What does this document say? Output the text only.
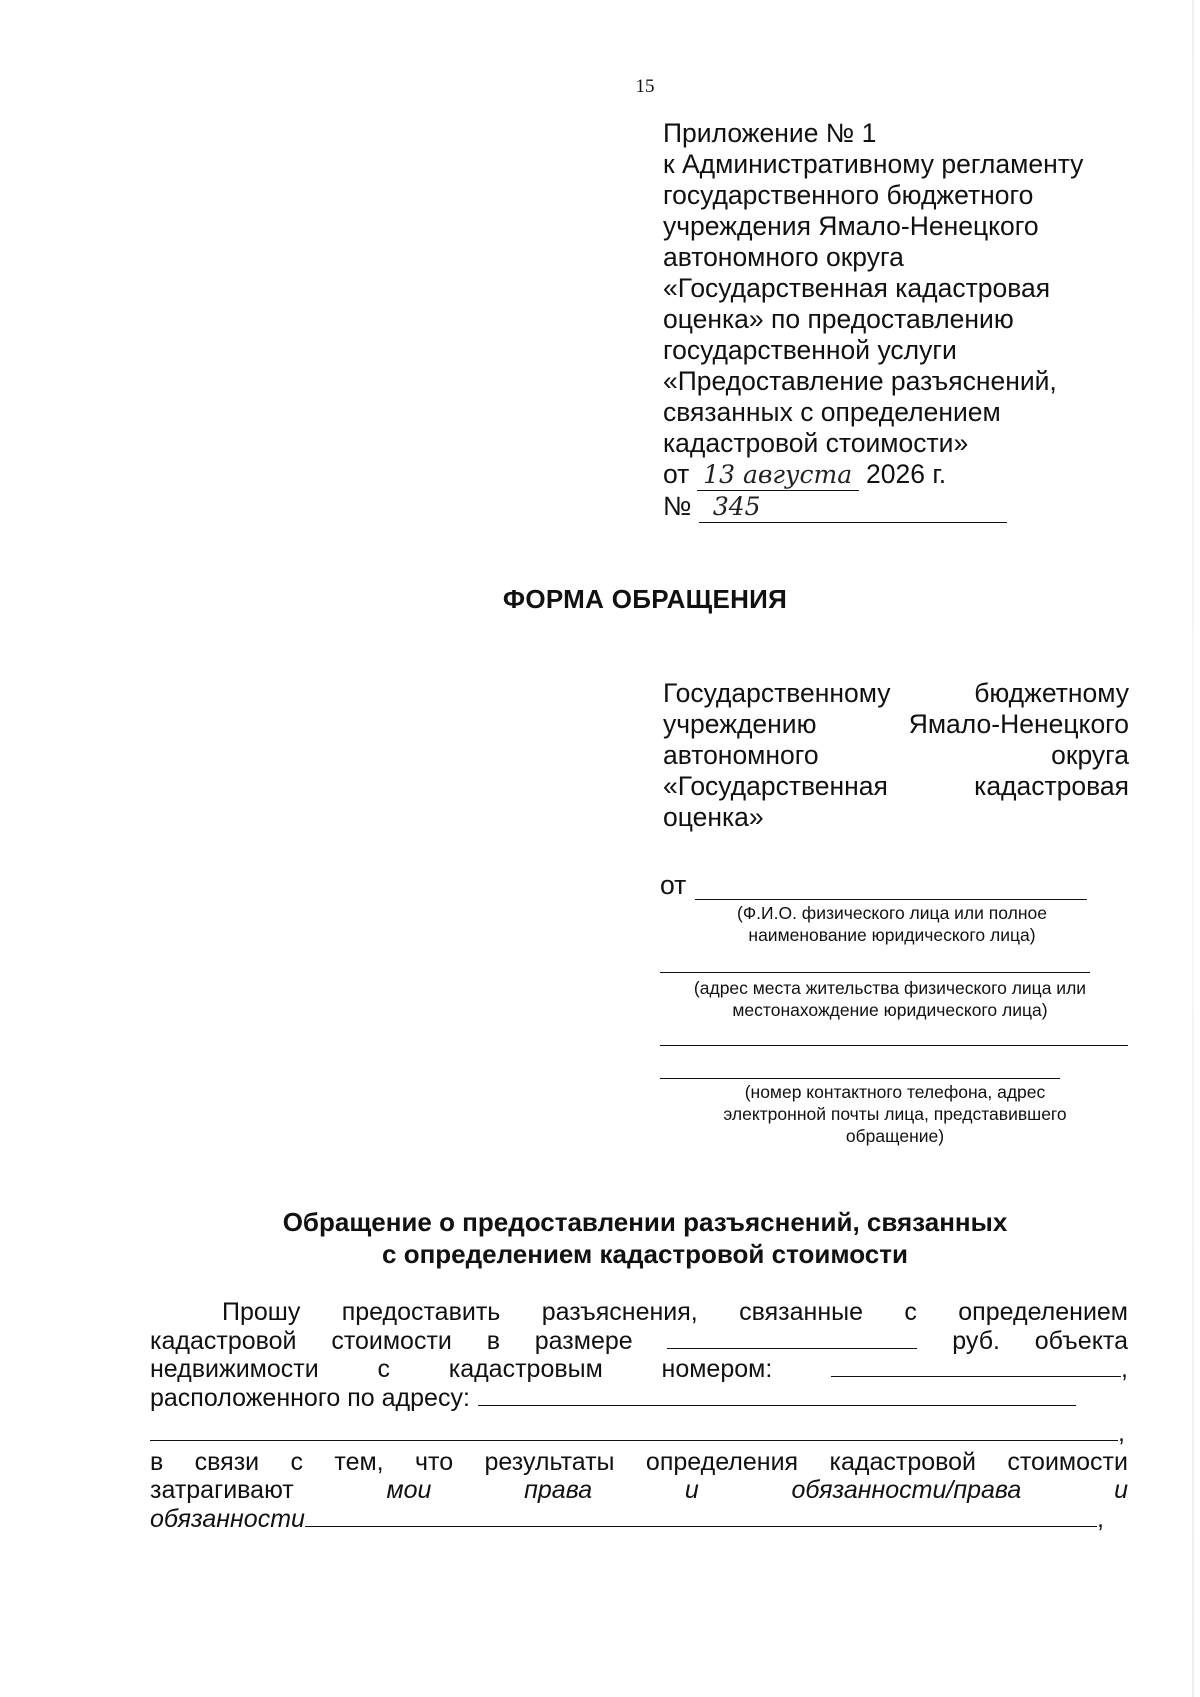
15
Приложение № 1
к Административному регламенту
государственного бюджетного
учреждения Ямало-Ненецкого
автономного округа
«Государственная кадастровая
оценка» по предоставлению
государственной услуги
«Предоставление разъяснений,
связанных с определением
кадастровой стоимости»
от 13 августа 2026 г.
№ 345
ФОРМА ОБРАЩЕНИЯ
Государственному	бюджетному
учреждению	Ямало-Ненецкого
автономного	округа
«Государственная	кадастровая
оценка»
от
(Ф.И.О. физического лица или полное
наименование юридического лица)
(адрес места жительства физического лица или
местонахождение юридического лица)
(номер контактного телефона, адрес
электронной почты лица, представившего
обращение)
Обращение о предоставлении разъяснений, связанных
с определением кадастровой стоимости
Прошу предоставить разъяснения, связанные с определением
кадастровой стоимости в размере	руб. объекта
недвижимости с кадастровым номером:	,
расположенного по адресу:
,
в связи с тем, что результаты определения кадастровой стоимости
затрагивают	мои	права	и	обязанности/права	и
обязанности	,
